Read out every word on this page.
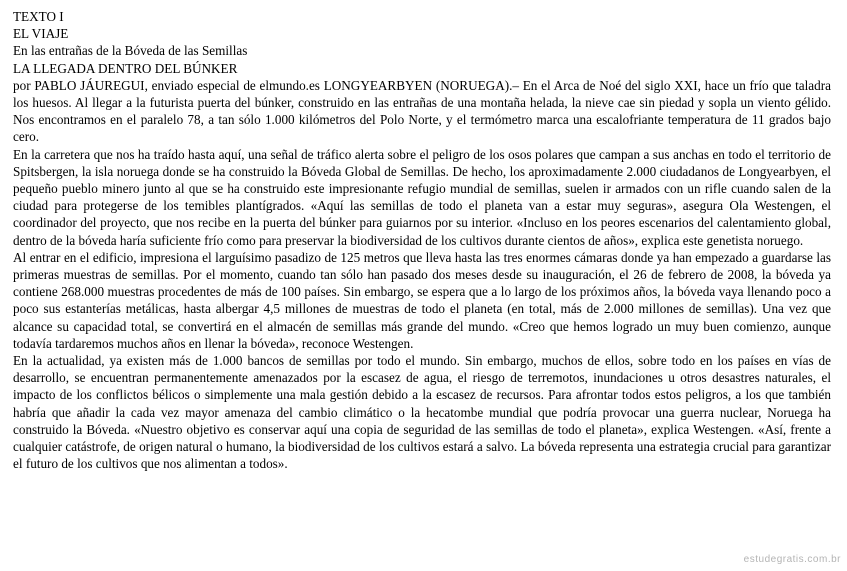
TEXTO I
EL VIAJE
En las entrañas de la Bóveda de las Semillas
LA LLEGADA DENTRO DEL BÚNKER
por PABLO JÁUREGUI, enviado especial de elmundo.es LONGYEARBYEN (NORUEGA).– En el Arca de Noé del siglo XXI, hace un frío que taladra los huesos. Al llegar a la futurista puerta del búnker, construido en las entrañas de una montaña helada, la nieve cae sin piedad y sopla un viento gélido. Nos encontramos en el paralelo 78, a tan sólo 1.000 kilómetros del Polo Norte, y el termómetro marca una escalofriante temperatura de 11 grados bajo cero.
En la carretera que nos ha traído hasta aquí, una señal de tráfico alerta sobre el peligro de los osos polares que campan a sus anchas en todo el territorio de Spitsbergen, la isla noruega donde se ha construido la Bóveda Global de Semillas. De hecho, los aproximadamente 2.000 ciudadanos de Longyearbyen, el pequeño pueblo minero junto al que se ha construido este impresionante refugio mundial de semillas, suelen ir armados con un rifle cuando salen de la ciudad para protegerse de los temibles plantígrados. «Aquí las semillas de todo el planeta van a estar muy seguras», asegura Ola Westengen, el coordinador del proyecto, que nos recibe en la puerta del búnker para guiarnos por su interior. «Incluso en los peores escenarios del calentamiento global, dentro de la bóveda haría suficiente frío como para preservar la biodiversidad de los cultivos durante cientos de años», explica este genetista noruego.
Al entrar en el edificio, impresiona el larguísimo pasadizo de 125 metros que lleva hasta las tres enormes cámaras donde ya han empezado a guardarse las primeras muestras de semillas. Por el momento, cuando tan sólo han pasado dos meses desde su inauguración, el 26 de febrero de 2008, la bóveda ya contiene 268.000 muestras procedentes de más de 100 países. Sin embargo, se espera que a lo largo de los próximos años, la bóveda vaya llenando poco a poco sus estanterías metálicas, hasta albergar 4,5 millones de muestras de todo el planeta (en total, más de 2.000 millones de semillas). Una vez que alcance su capacidad total, se convertirá en el almacén de semillas más grande del mundo. «Creo que hemos logrado un muy buen comienzo, aunque todavía tardaremos muchos años en llenar la bóveda», reconoce Westengen.
En la actualidad, ya existen más de 1.000 bancos de semillas por todo el mundo. Sin embargo, muchos de ellos, sobre todo en los países en vías de desarrollo, se encuentran permanentemente amenazados por la escasez de agua, el riesgo de terremotos, inundaciones u otros desastres naturales, el impacto de los conflictos bélicos o simplemente una mala gestión debido a la escasez de recursos. Para afrontar todos estos peligros, a los que también habría que añadir la cada vez mayor amenaza del cambio climático o la hecatombe mundial que podría provocar una guerra nuclear, Noruega ha construido la Bóveda. «Nuestro objetivo es conservar aquí una copia de seguridad de las semillas de todo el planeta», explica Westengen. «Así, frente a cualquier catástrofe, de origen natural o humano, la biodiversidad de los cultivos estará a salvo. La bóveda representa una estrategia crucial para garantizar el futuro de los cultivos que nos alimentan a todos».
estudegratis.com.br
